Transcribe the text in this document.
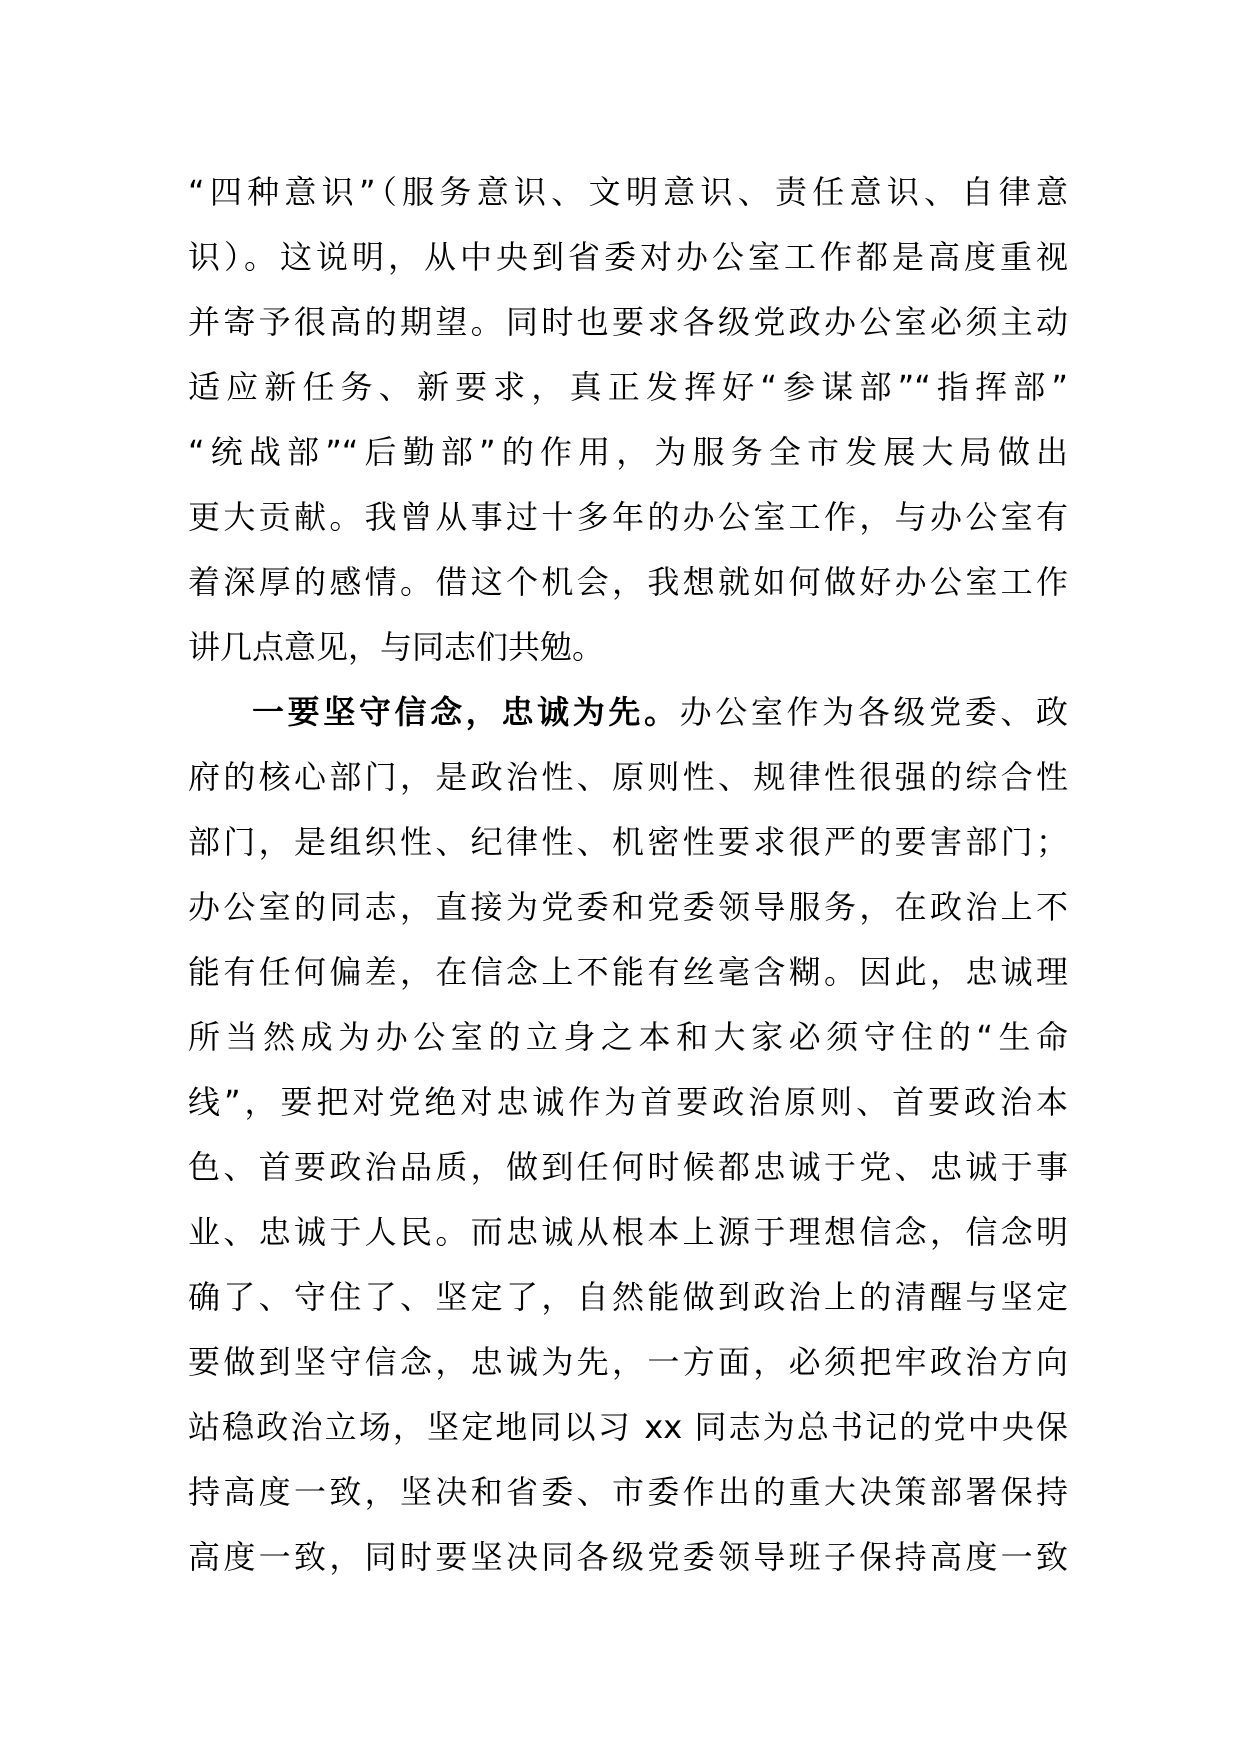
“四种意识”（服务意识、文明意识、责任意识、自律意
识）。这说明，从中央到省委对办公室工作都是高度重视
并寄予很高的期望。同时也要求各级党政办公室必须主动
适应新任务、新要求，真正发挥好“参谋部”“指挥部”
“统战部”“后勤部”的作用，为服务全市发展大局做出
更大贡献。我曾从事过十多年的办公室工作，与办公室有
着深厚的感情。借这个机会，我想就如何做好办公室工作
讲几点意见，与同志们共勉。
一要坚守信念，忠诚为先。办公室作为各级党委、政
府的核心部门，是政治性、原则性、规律性很强的综合性
部门，是组织性、纪律性、机密性要求很严的要害部门；
办公室的同志，直接为党委和党委领导服务，在政治上不
能有任何偏差，在信念上不能有丝毫含糊。因此，忠诚理
所当然成为办公室的立身之本和大家必须守住的“生命
线”，要把对党绝对忠诚作为首要政治原则、首要政治本
色、首要政治品质，做到任何时候都忠诚于党、忠诚于事
业、忠诚于人民。而忠诚从根本上源于理想信念，信念明
确了、守住了、坚定了，自然能做到政治上的清醒与坚定
要做到坚守信念，忠诚为先，一方面，必须把牢政治方向
站稳政治立场，坚定地同以习 xx 同志为总书记的党中央保
持高度一致，坚决和省委、市委作出的重大决策部署保持
高度一致，同时要坚决同各级党委领导班子保持高度一致
